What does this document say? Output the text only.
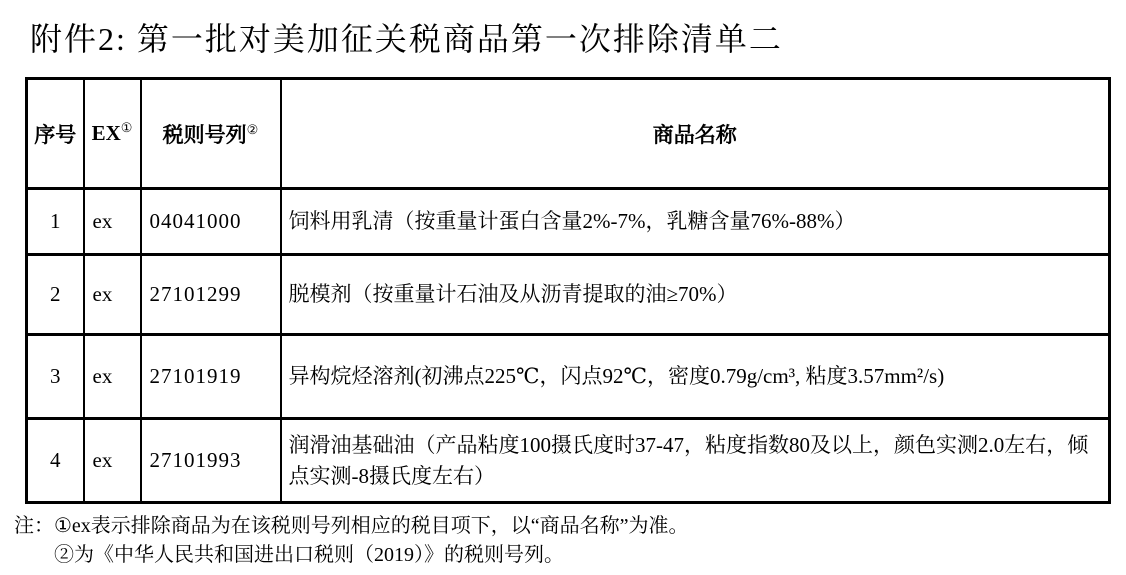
附件2: 第一批对美加征关税商品第一次排除清单二
序号	EX①	税则号列②	商品名称
1	ex	04041000	饲料用乳清（按重量计蛋白含量2%-7%，乳糖含量76%-88%）
2	ex	27101299	脱模剂（按重量计石油及从沥青提取的油≥70%）
3	ex	27101919	异构烷烃溶剂(初沸点225℃，闪点92℃，密度0.79g/cm³, 粘度3.57mm²/s)
4	ex	27101993	润滑油基础油（产品粘度100摄氏度时37-47，粘度指数80及以上，颜色实测2.0左右，倾点实测-8摄氏度左右）
注： ①ex表示排除商品为在该税则号列相应的税目项下，以“商品名称”为准。
②为《中华人民共和国进出口税则（2019）》的税则号列。
